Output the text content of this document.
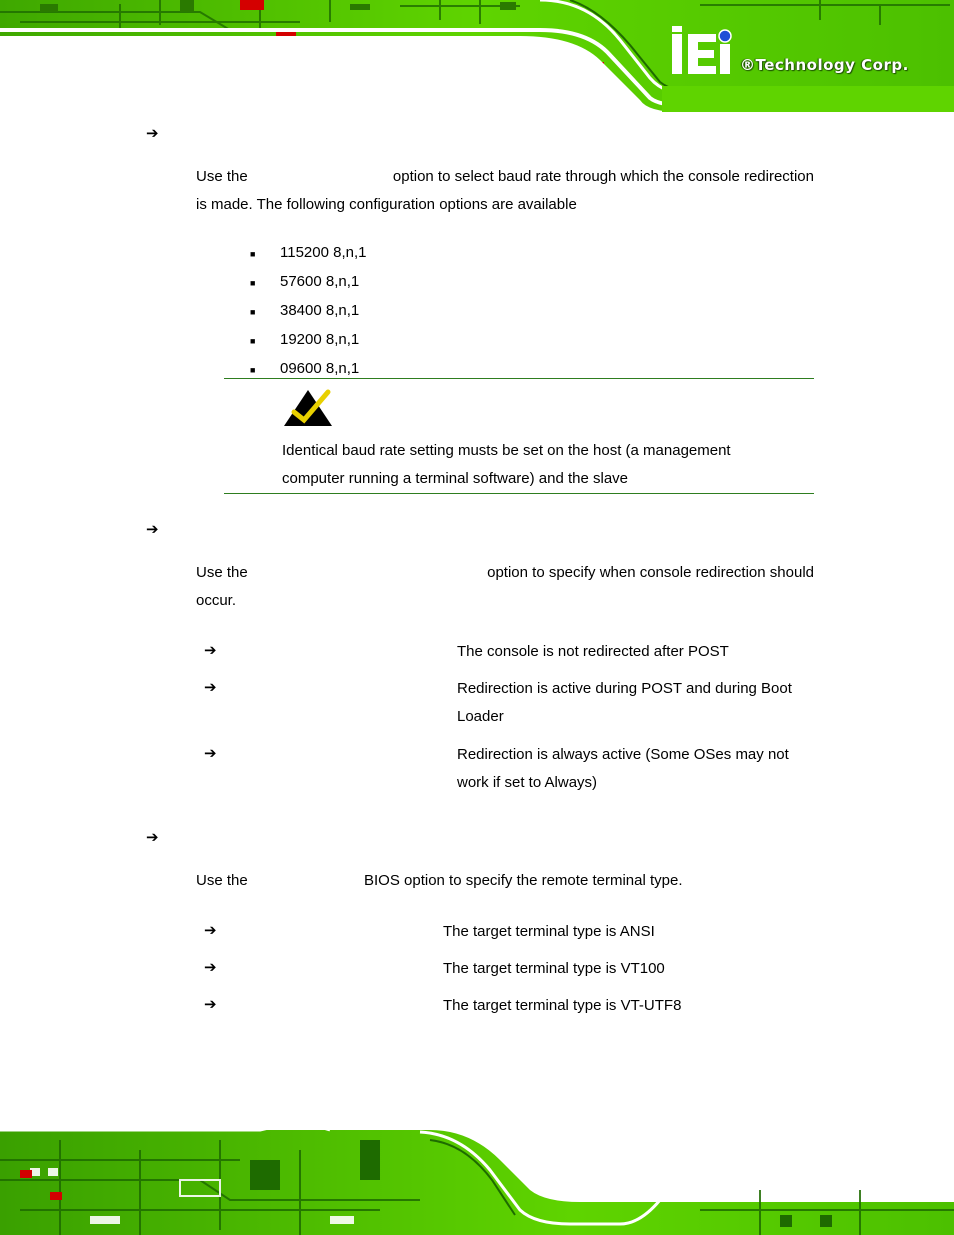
®Technology Corp.
➔
Use the	option to select baud rate through which the console redirection
is made. The following configuration options are available
■ 115200 8,n,1
■ 57600 8,n,1
■ 38400 8,n,1
■ 19200 8,n,1
■ 09600 8,n,1
Identical baud rate setting musts be set on the host (a management
computer running a terminal software) and the slave
➔
Use the	option to specify when console redirection should
occur.
➔	The console is not redirected after POST
➔	Redirection is active during POST and during Boot
Loader
➔	Redirection is always active (Some OSes may not
work if set to Always)
➔
Use the	BIOS option to specify the remote terminal type.
➔	The target terminal type is ANSI
➔	The target terminal type is VT100
➔	The target terminal type is VT-UTF8
